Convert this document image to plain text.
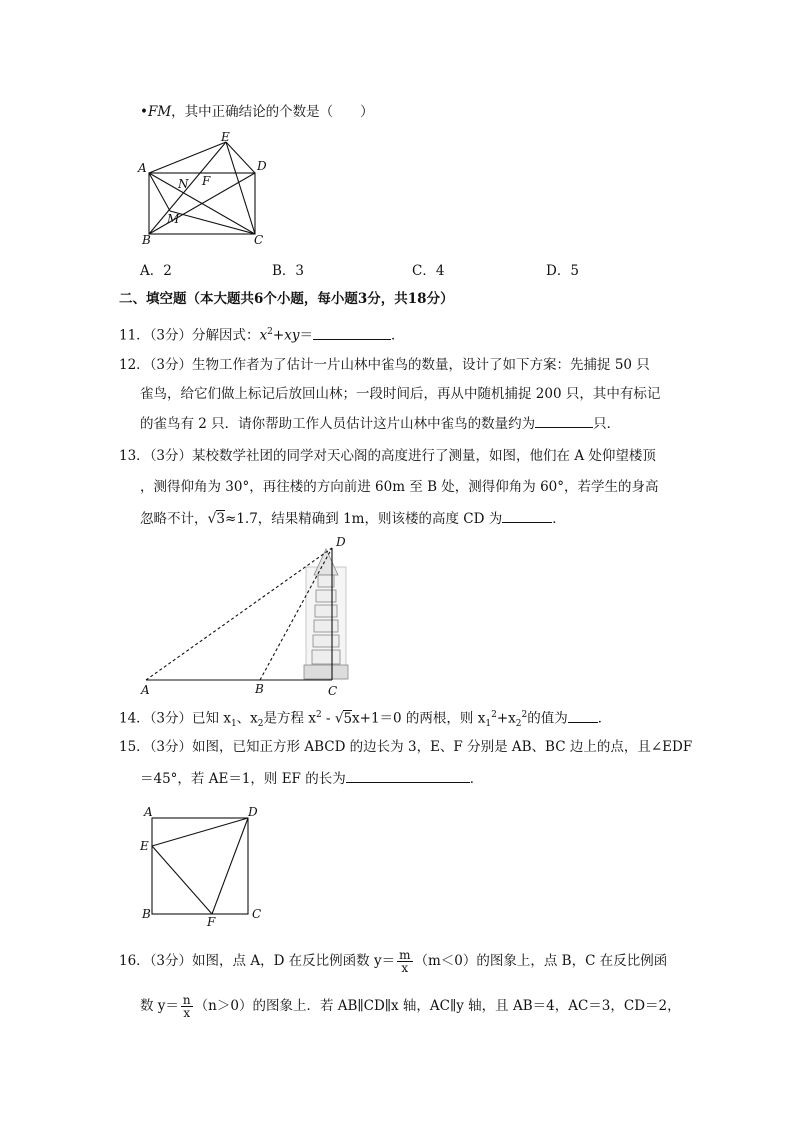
•FM，其中正确结论的个数是（　　）
A
E
D
N F
M
B	C
A．2	B．3	C．4	D．5
二、填空题（本大题共6个小题，每小题3分，共18分）
11．（3分）分解因式：$x^2+xy=$	．
12．（3分）生物工作者为了估计一片山林中雀鸟的数量，设计了如下方案：先捕捉 50 只
雀鸟，给它们做上标记后放回山林；一段时间后，再从中随机捕捉 200 只，其中有标记
的雀鸟有 2 只．请你帮助工作人员估计这片山林中雀鸟的数量约为	只．
13．（3分）某校数学社团的同学对天心阁的高度进行了测量，如图，他们在 A 处仰望楼顶
，测得仰角为 30°，再往楼的方向前进 60m 至 B 处，测得仰角为 60°，若学生的身高
忽略不计，√3≈1.7，结果精确到 1m，则该楼的高度 CD 为	．
D
A	B	C
14．（3分）已知 $x_1$、$x_2$是方程 $x^2 - √5x+1=0$ 的两根，则 $x_1^2+x_2^2$的值为 ．
15．（3分）如图，已知正方形 ABCD 的边长为 3，E、F 分别是 AB、BC 边上的点，且∠EDF
＝45°，若 AE＝1，则 EF 的长为	．
A	D
E
B
F
C
16．（3分）如图，点 A，D 在反比例函数 $y= \frac{m}{x} (m<0)$的图象上，点 B，C 在反比例函
数 $y= \frac{n}{x} (n>0)$的图象上．若 AB∥CD∥x 轴，AC∥y 轴，且 AB＝4，AC＝3，CD＝2，
